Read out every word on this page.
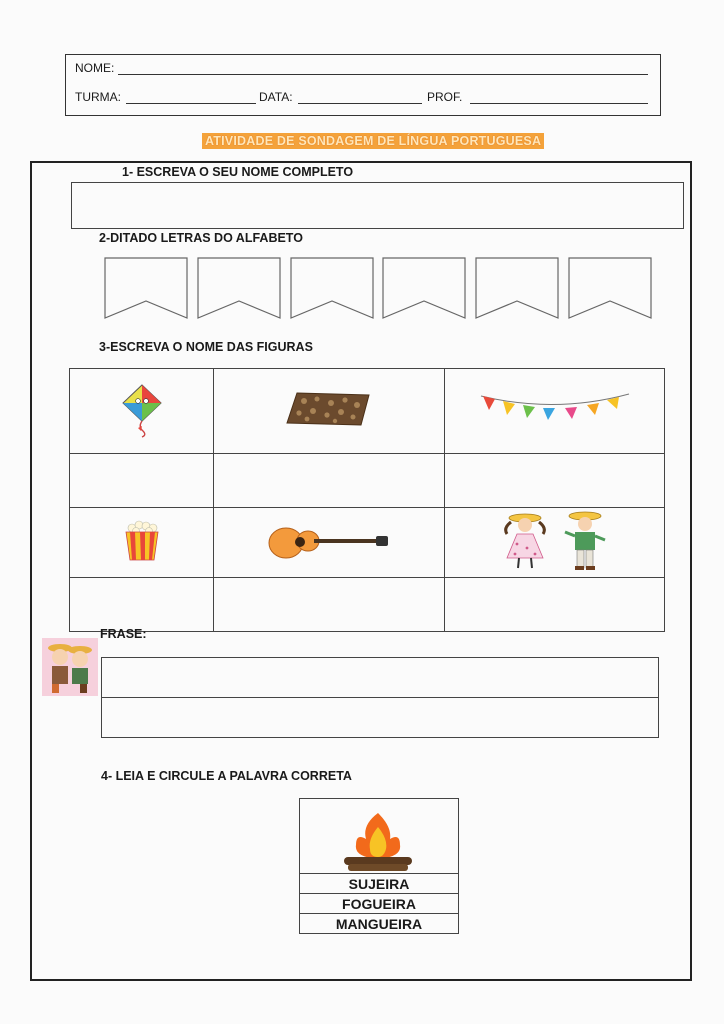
NOME:
TURMA:	DATA:	PROF.
ATIVIDADE DE SONDAGEM DE LÍNGUA PORTUGUESA
1- ESCREVA O SEU NOME COMPLETO
2-DITADO LETRAS DO ALFABETO
3-ESCREVA O NOME DAS FIGURAS

FRASE:
4- LEIA E CIRCULE A PALAVRA CORRETA
SUJEIRA
FOGUEIRA
MANGUEIRA
